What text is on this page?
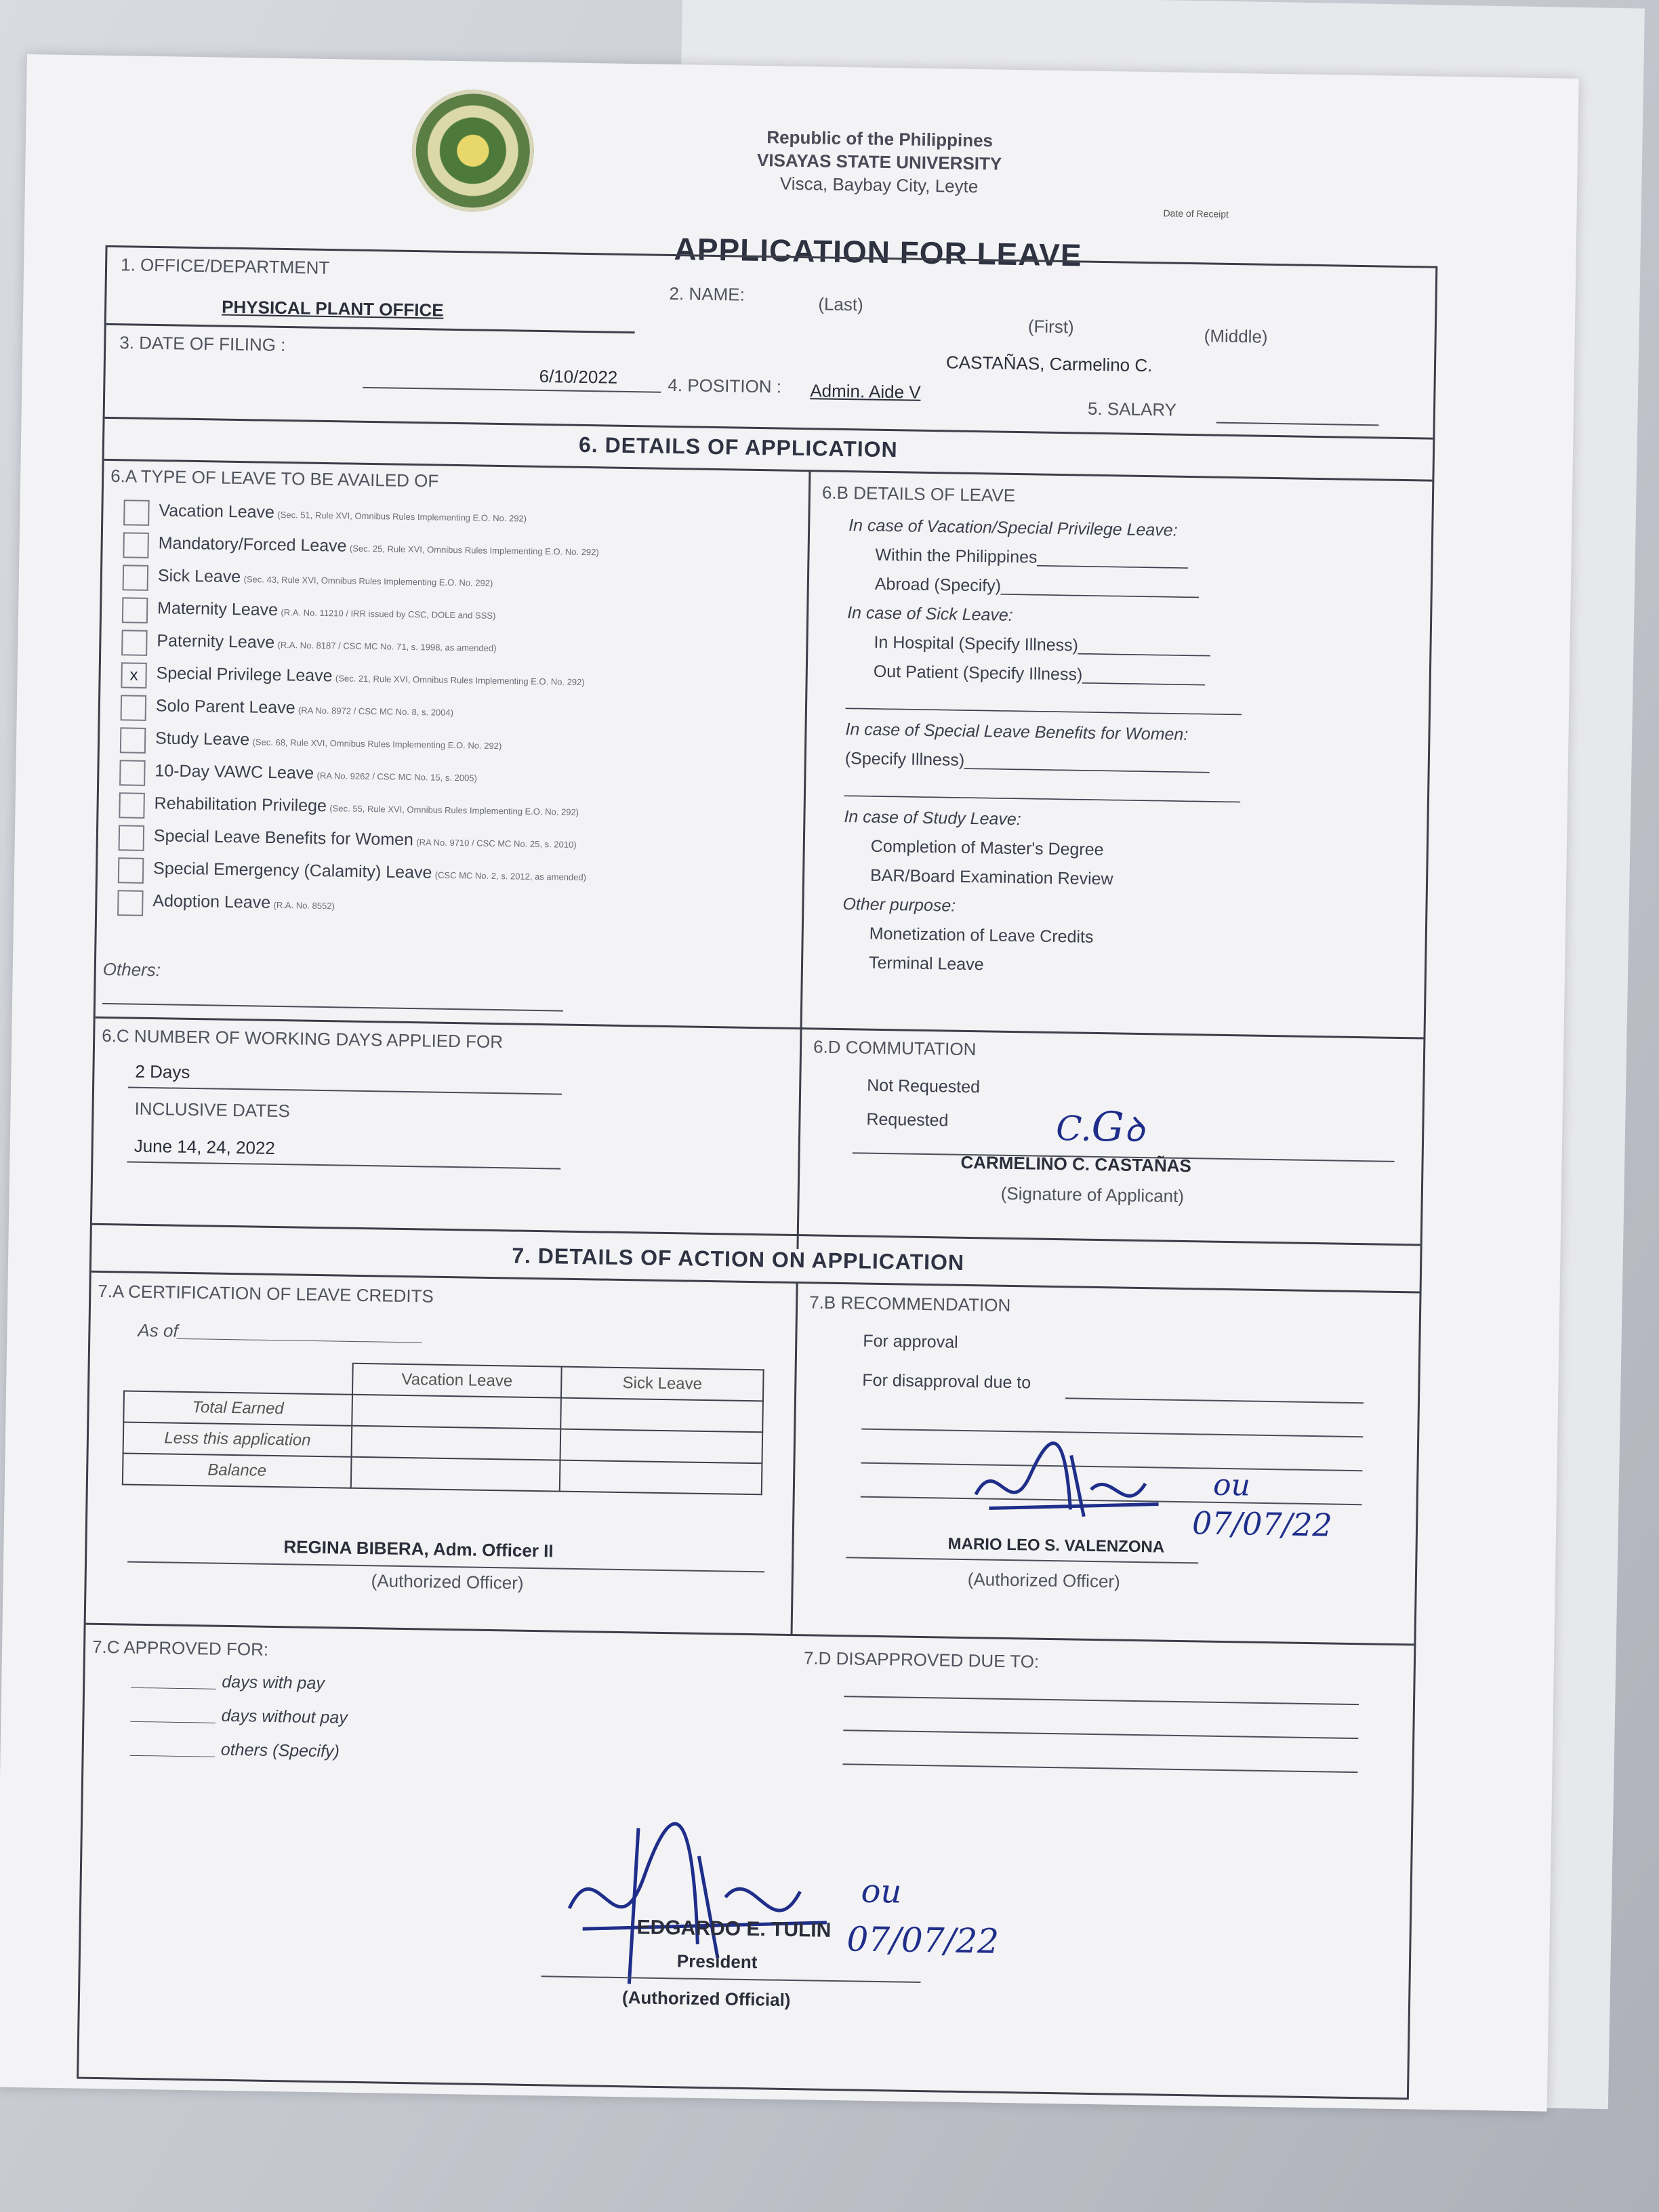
Republic of the Philippines
VISAYAS STATE UNIVERSITY
Visca, Baybay City, Leyte
Date of Receipt
APPLICATION FOR LEAVE
1. OFFICE/DEPARTMENT
PHYSICAL PLANT OFFICE
2. NAME:	(Last)
(First)	(Middle)
CASTAÑAS, Carmelino C.
3. DATE OF FILING :
6/10/2022	4. POSITION : Admin. Aide V
5. SALARY
6. DETAILS OF APPLICATION
6.A TYPE OF LEAVE TO BE AVAILED OF
Vacation Leave (Sec. 51, Rule XVI, Omnibus Rules Implementing E.O. No. 292)
Mandatory/Forced Leave (Sec. 25, Rule XVI, Omnibus Rules Implementing E.O. No. 292)
Sick Leave (Sec. 43, Rule XVI, Omnibus Rules Implementing E.O. No. 292)
Maternity Leave (R.A. No. 11210 / IRR issued by CSC, DOLE and SSS)
Paternity Leave (R.A. No. 8187 / CSC MC No. 71, s. 1998, as amended)
x Special Privilege Leave (Sec. 21, Rule XVI, Omnibus Rules Implementing E.O. No. 292)
Solo Parent Leave (RA No. 8972 / CSC MC No. 8, s. 2004)
Study Leave (Sec. 68, Rule XVI, Omnibus Rules Implementing E.O. No. 292)
10-Day VAWC Leave (RA No. 9262 / CSC MC No. 15, s. 2005)
Rehabilitation Privilege (Sec. 55, Rule XVI, Omnibus Rules Implementing E.O. No. 292)
Special Leave Benefits for Women (RA No. 9710 / CSC MC No. 25, s. 2010)
Special Emergency (Calamity) Leave (CSC MC No. 2, s. 2012, as amended)
Adoption Leave (R.A. No. 8552)
Others:
6.B DETAILS OF LEAVE
In case of Vacation/Special Privilege Leave:
Within the Philippines________________
Abroad (Specify)_____________________
In case of Sick Leave:
In Hospital (Specify Illness)______________
Out Patient (Specify Illness)_____________
__________________________________________
In case of Special Leave Benefits for Women:
(Specify Illness)__________________________
__________________________________________
In case of Study Leave:
Completion of Master's Degree
BAR/Board Examination Review
Other purpose:
Monetization of Leave Credits
Terminal Leave
6.C NUMBER OF WORKING DAYS APPLIED FOR
2 Days
INCLUSIVE DATES
June 14, 24, 2022
6.D COMMUTATION
Not Requested
Requested	C.Gꝺ
CARMELINO C. CASTAÑAS
(Signature of Applicant)
7. DETAILS OF ACTION ON APPLICATION
7.A CERTIFICATION OF LEAVE CREDITS
As of_________________________
	Vacation Leave	Sick Leave
Total Earned		
Less this application		
Balance		
REGINA BIBERA, Adm. Officer II
(Authorized Officer)
7.B RECOMMENDATION
For approval
For disapproval due to
ou
07/07/22
MARIO LEO S. VALENZONA
(Authorized Officer)
7.C APPROVED FOR:
_________ days with pay
_________ days without pay
_________ others (Specify)
7.D DISAPPROVED DUE TO:
ou
07/07/22
EDGARDO E. TULIN
President
(Authorized Official)
